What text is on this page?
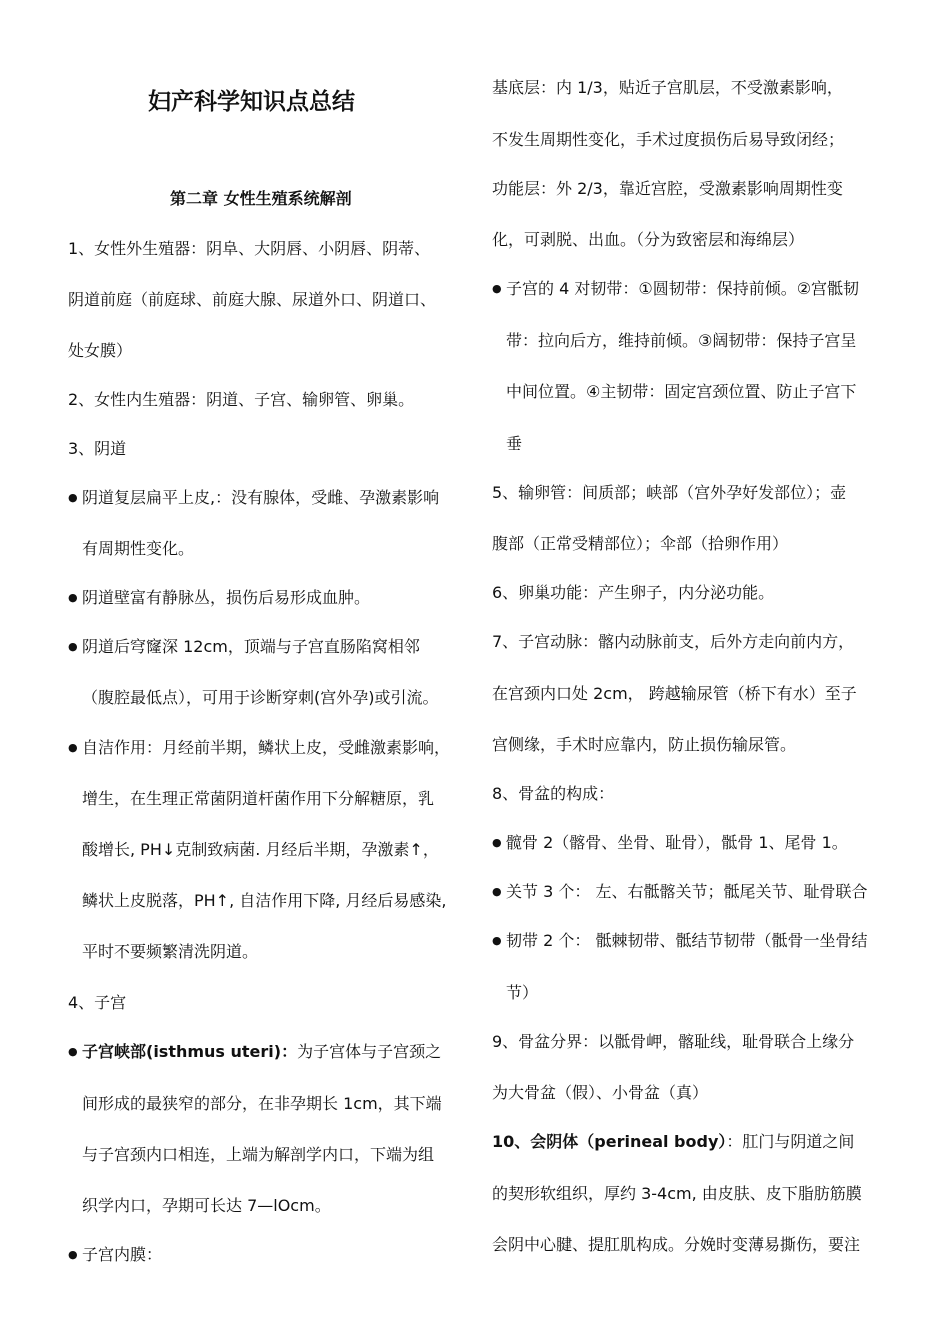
妇产科学知识点总结
第二章 女性生殖系统解剖
1、女性外生殖器：阴阜、大阴唇、小阴唇、阴蒂、
阴道前庭（前庭球、前庭大腺、尿道外口、阴道口、
处女膜）
2、女性内生殖器：阴道、子宫、输卵管、卵巢。
3、阴道
● 阴道复层扁平上皮,：没有腺体，受雌、孕激素影响
有周期性变化。
● 阴道壁富有静脉丛，损伤后易形成血肿。
● 阴道后穹窿深 12cm，顶端与子宫直肠陷窝相邻
（腹腔最低点），可用于诊断穿刺(宫外孕)或引流。
● 自洁作用：月经前半期，鳞状上皮，受雌激素影响，
增生，在生理正常菌阴道杆菌作用下分解糖原，乳
酸增长, PH↓克制致病菌. 月经后半期，孕激素↑，
鳞状上皮脱落，PH↑, 自洁作用下降, 月经后易感染,
平时不要频繁清洗阴道。
4、子宫
● 子宫峡部(isthmus uteri)：为子宫体与子宫颈之
间形成的最狭窄的部分，在非孕期长 1cm，其下端
与子宫颈内口相连，上端为解剖学内口，下端为组
织学内口，孕期可长达 7—lOcm。
● 子宫内膜：
基底层：内 1/3，贴近子宫肌层，不受激素影响，
不发生周期性变化，手术过度损伤后易导致闭经；
功能层：外 2/3，靠近宫腔，受激素影响周期性变
化，可剥脱、出血。（分为致密层和海绵层）
● 子宫的 4 对韧带：①圆韧带：保持前倾。②宫骶韧
带：拉向后方，维持前倾。③阔韧带：保持子宫呈
中间位置。④主韧带：固定宫颈位置、防止子宫下
垂
5、输卵管：间质部；峡部（宫外孕好发部位）；壶
腹部（正常受精部位）；伞部（拾卵作用）
6、卵巢功能：产生卵子，内分泌功能。
7、子宫动脉：髂内动脉前支，后外方走向前内方，
在宫颈内口处 2cm， 跨越输尿管（桥下有水）至子
宫侧缘，手术时应靠内，防止损伤输尿管。
8、骨盆的构成：
● 髋骨 2（髂骨、坐骨、耻骨），骶骨 1、尾骨 1。
● 关节 3 个： 左、右骶髂关节；骶尾关节、耻骨联合
● 韧带 2 个： 骶棘韧带、骶结节韧带（骶骨一坐骨结
节）
9、骨盆分界：以骶骨岬，髂耻线，耻骨联合上缘分
为大骨盆（假）、小骨盆（真）
10、会阴体（perineal body）：肛门与阴道之间
的契形软组织，厚约 3-4cm, 由皮肤、皮下脂肪筋膜
会阴中心腱、提肛肌构成。分娩时变薄易撕伤，要注
